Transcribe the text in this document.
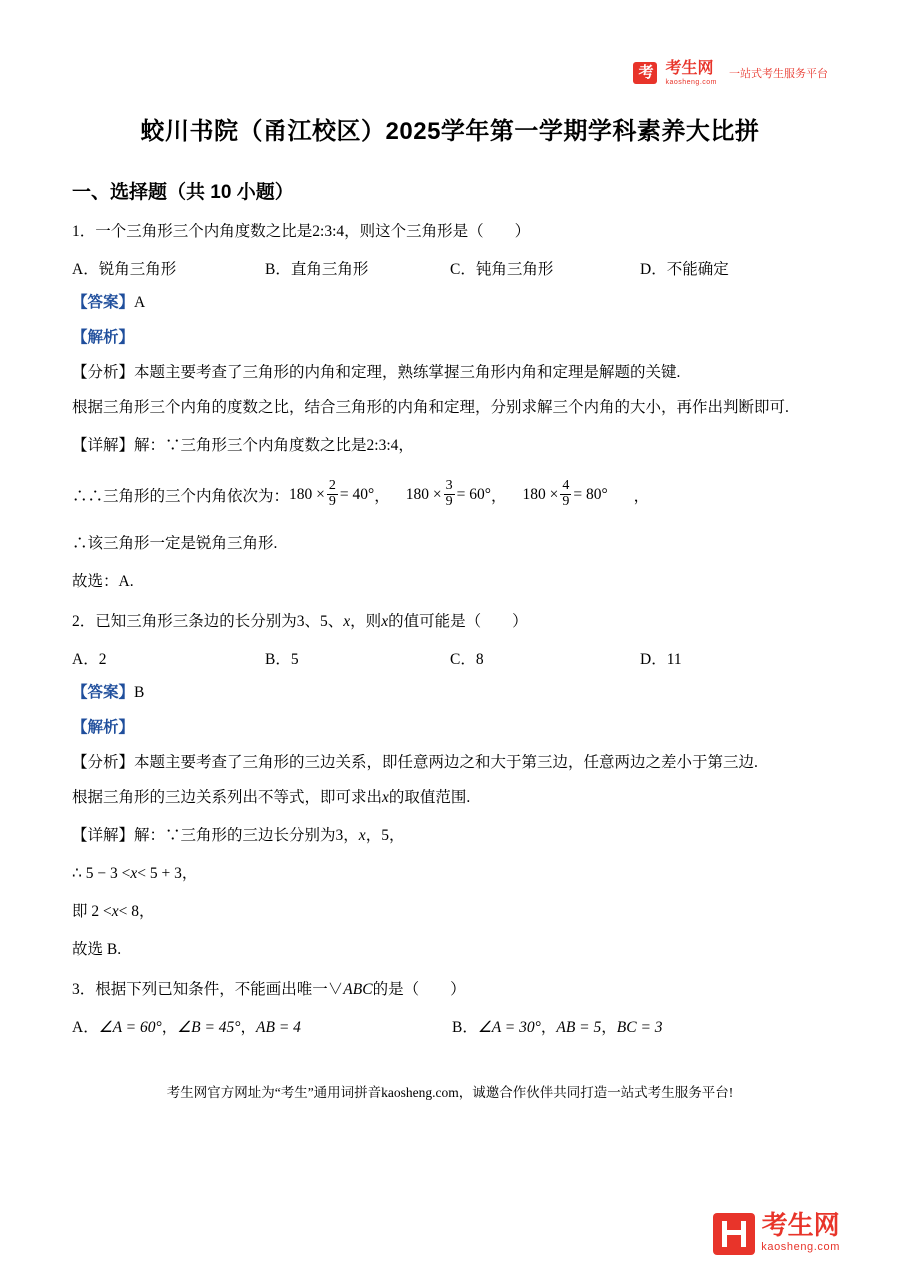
考 考生网
kaosheng.com
一站式考生服务平台
蛟川书院（甬江校区）2025学年第一学期学科素养大比拼
一、选择题（共 10 小题）

1．一个三角形三个内角度数之比是2:3:4，则这个三角形是（　　）

A．锐角三角形	B．直角三角形	C．钝角三角形	D．不能确定

【答案】A

【解析】

【分析】本题主要考查了三角形的内角和定理，熟练掌握三角形内角和定理是解题的关键.

根据三角形三个内角的度数之比，结合三角形的内角和定理，分别求解三个内角的大小，再作出判断即可.

【详解】解：∵三角形三个内角度数之比是2:3:4，

∴∴三角形的三个内角依次为： $180 \times \frac{2}{9} = 40^\circ$ ， $180 \times \frac{3}{9} = 60^\circ$ ， $180 \times \frac{4}{9} = 80^\circ$ ，

∴该三角形一定是锐角三角形.

故选：A.

2．已知三角形三条边的长分别为3、5、x，则x的值可能是（　　）

A．2	B．5	C．8	D．11

【答案】B

【解析】

【分析】本题主要考查了三角形的三边关系，即任意两边之和大于第三边，任意两边之差小于第三边.

根据三角形的三边关系列出不等式，即可求出x的取值范围.

【详解】解：∵三角形的三边长分别为3，x，5，

∴ 5 − 3 <x< 5 + 3，

即 2 <x< 8，

故选 B.

3．根据下列已知条件，不能画出唯一∨ABC的是（　　）

A．∠A = 60°，∠B = 45°，AB = 4	B．∠A = 30°，AB = 5，BC = 3
考生网官方网址为“考生”通用词拼音kaosheng.com，诚邀合作伙伴共同打造一站式考生服务平台!
考生网
kaosheng.com
